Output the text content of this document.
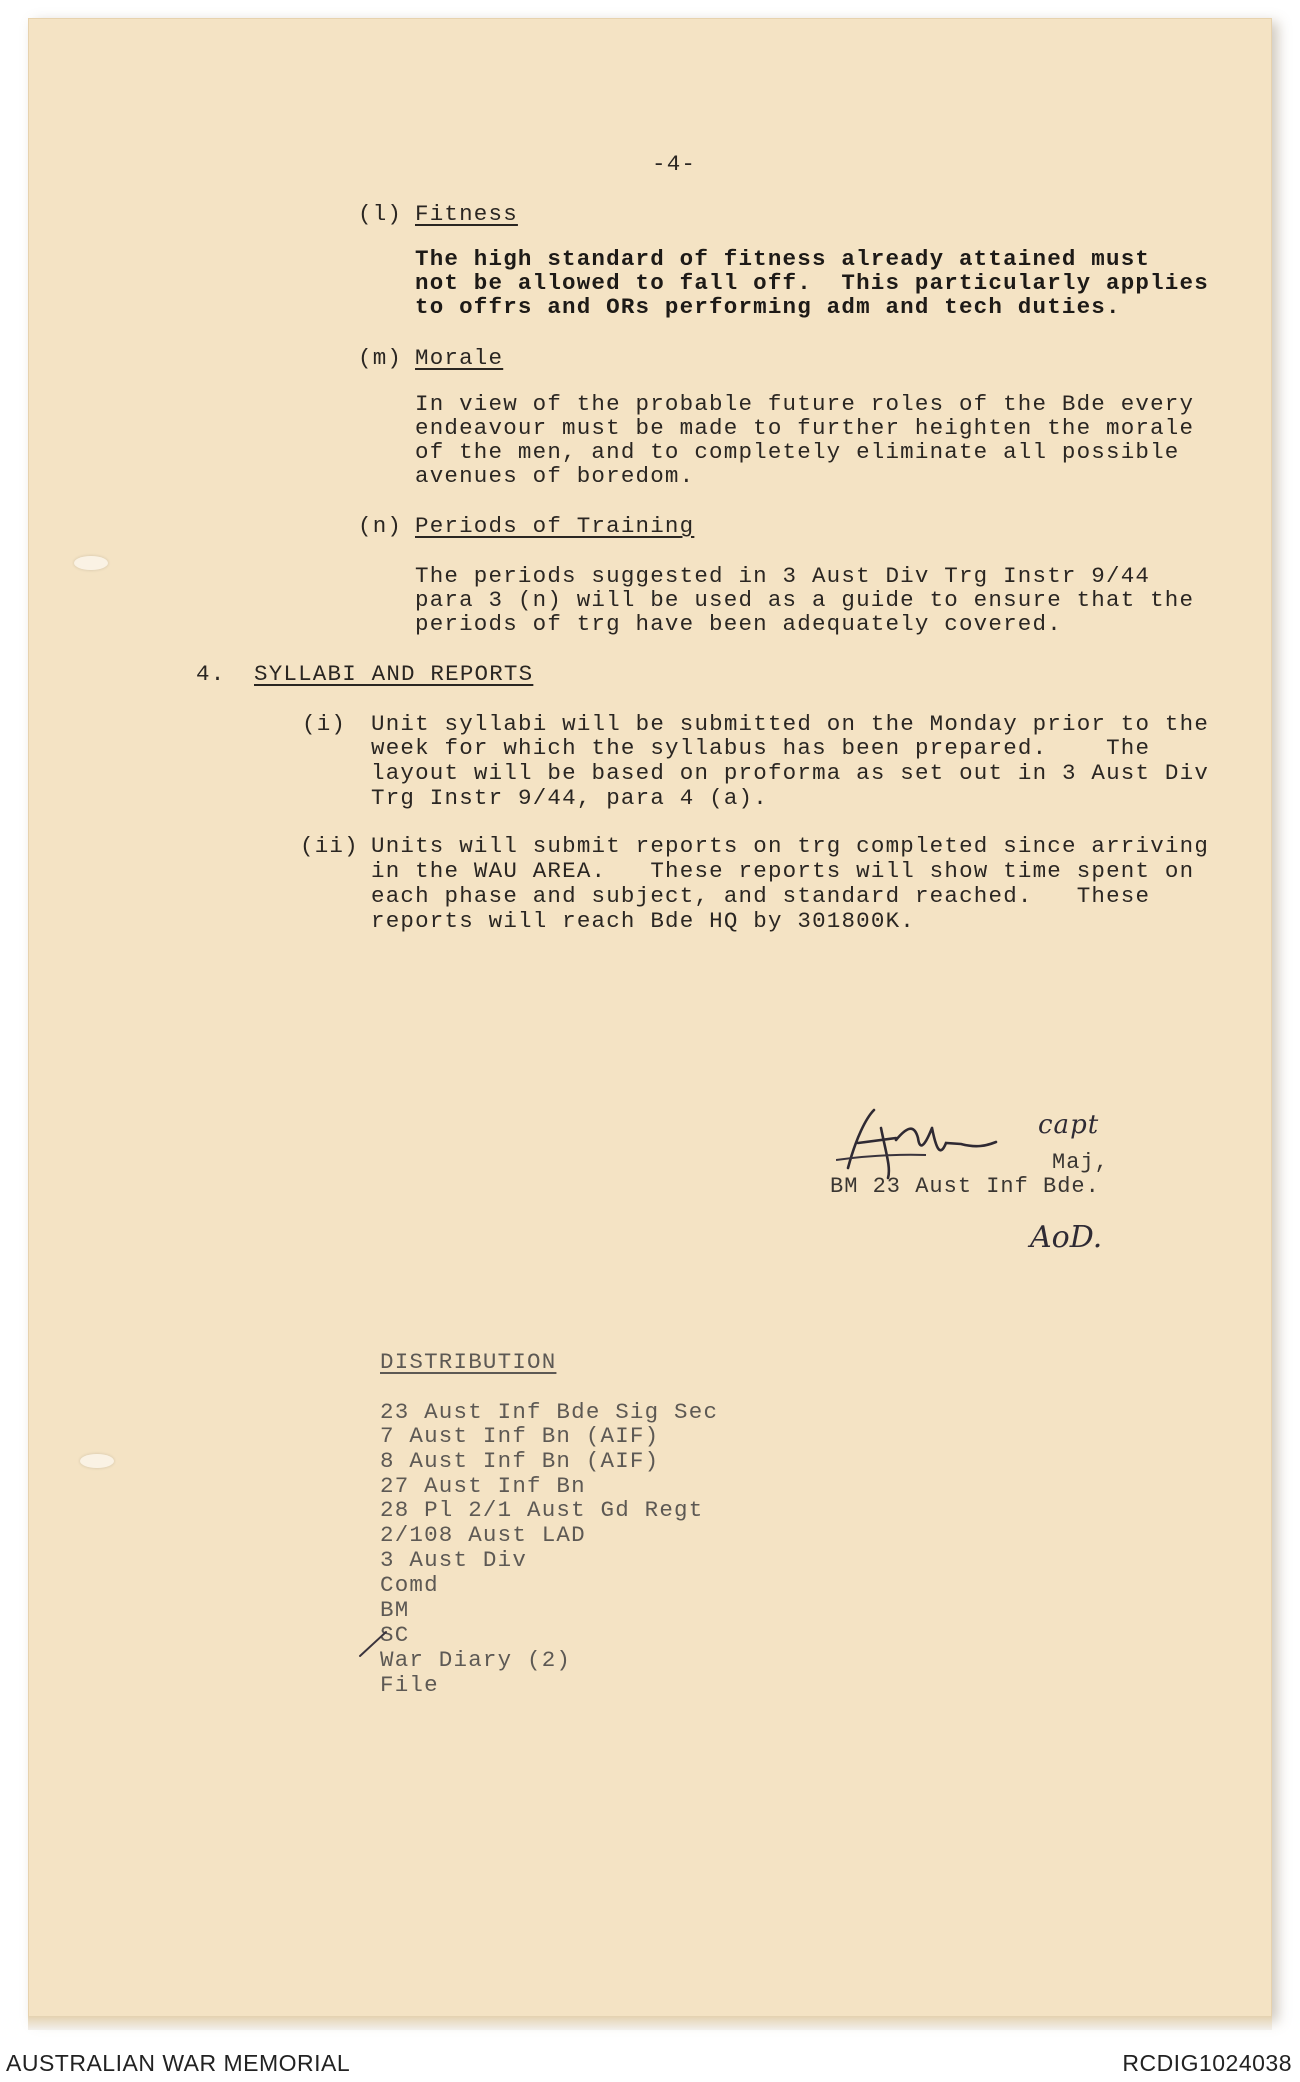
-4-
(l) Fitness
The high standard of fitness already attained must
not be allowed to fall off.  This particularly applies
to offrs and ORs performing adm and tech duties.
(m) Morale
In view of the probable future roles of the Bde every
endeavour must be made to further heighten the morale
of the men, and to completely eliminate all possible
avenues of boredom.
(n) Periods of Training
The periods suggested in 3 Aust Div Trg Instr 9/44
para 3 (n) will be used as a guide to ensure that the
periods of trg have been adequately covered.
4. SYLLABI AND REPORTS
(i) Unit syllabi will be submitted on the Monday prior to the
week for which the syllabus has been prepared.    The
layout will be based on proforma as set out in 3 Aust Div
Trg Instr 9/44, para 4 (a).
(ii) Units will submit reports on trg completed since arriving
in the WAU AREA.   These reports will show time spent on
each phase and subject, and standard reached.   These
reports will reach Bde HQ by 301800K.
capt
Maj,
BM 23 Aust Inf Bde.
AoD.
DISTRIBUTION
23 Aust Inf Bde Sig Sec
7 Aust Inf Bn (AIF)
8 Aust Inf Bn (AIF)
27 Aust Inf Bn
28 Pl 2/1 Aust Gd Regt
2/108 Aust LAD
3 Aust Div
Comd
BM
SC
War Diary (2)
File
AUSTRALIAN WAR MEMORIAL	RCDIG1024038
